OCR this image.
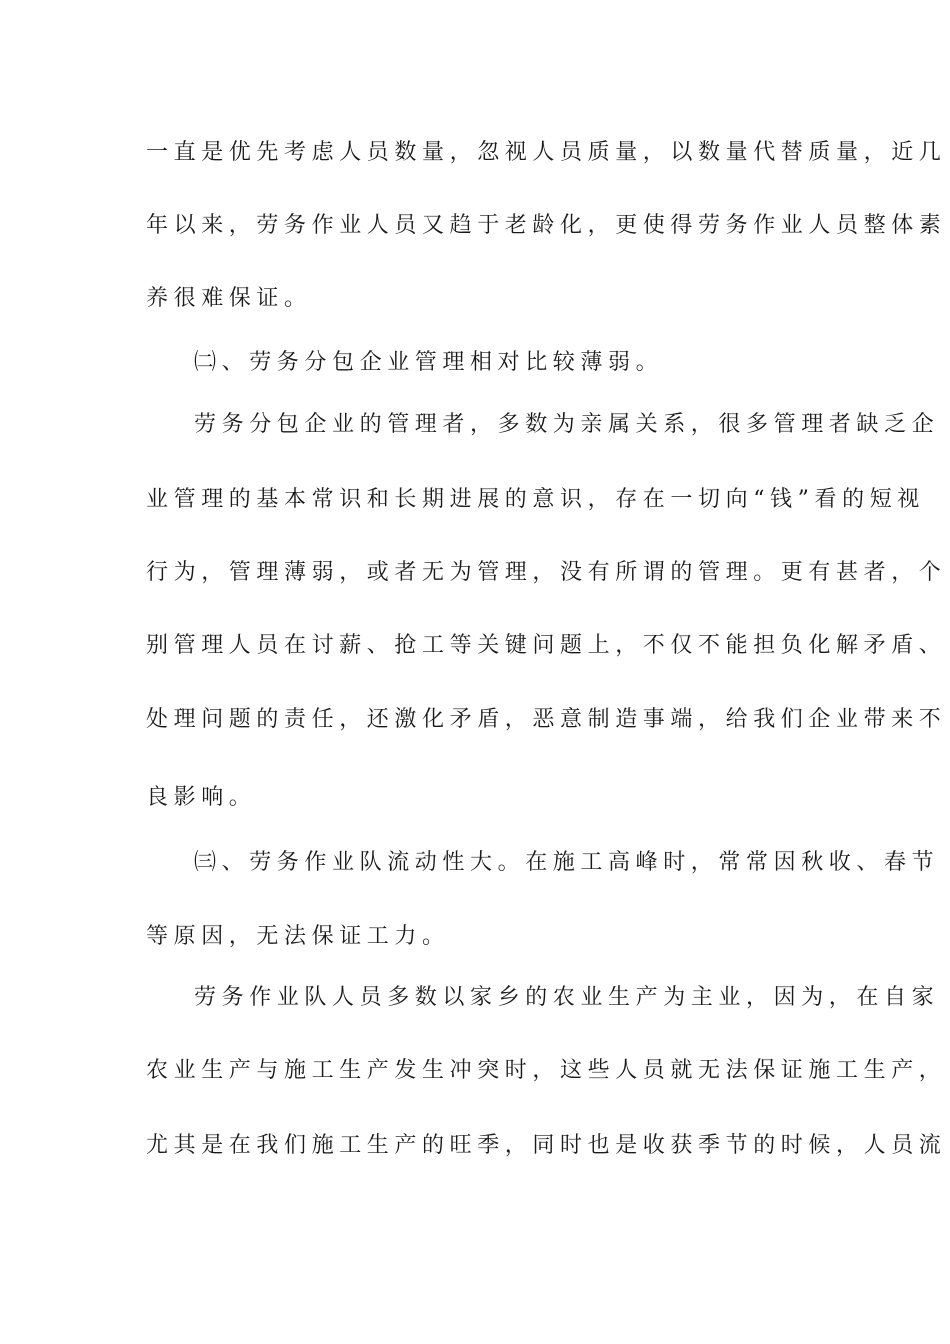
一直是优先考虑人员数量，忽视人员质量，以数量代替质量，近几
年以来，劳务作业人员又趋于老龄化，更使得劳务作业人员整体素
养很难保证。
㈡、劳务分包企业管理相对比较薄弱。
劳务分包企业的管理者，多数为亲属关系，很多管理者缺乏企
业管理的基本常识和长期进展的意识，存在一切向“钱”看的短视
行为，管理薄弱，或者无为管理，没有所谓的管理。更有甚者，个
别管理人员在讨薪、抢工等关键问题上，不仅不能担负化解矛盾、
处理问题的责任，还激化矛盾，恶意制造事端，给我们企业带来不
良影响。
㈢、劳务作业队流动性大。在施工高峰时，常常因秋收、春节
等原因，无法保证工力。
劳务作业队人员多数以家乡的农业生产为主业，因为，在自家
农业生产与施工生产发生冲突时，这些人员就无法保证施工生产，
尤其是在我们施工生产的旺季，同时也是收获季节的时候，人员流
